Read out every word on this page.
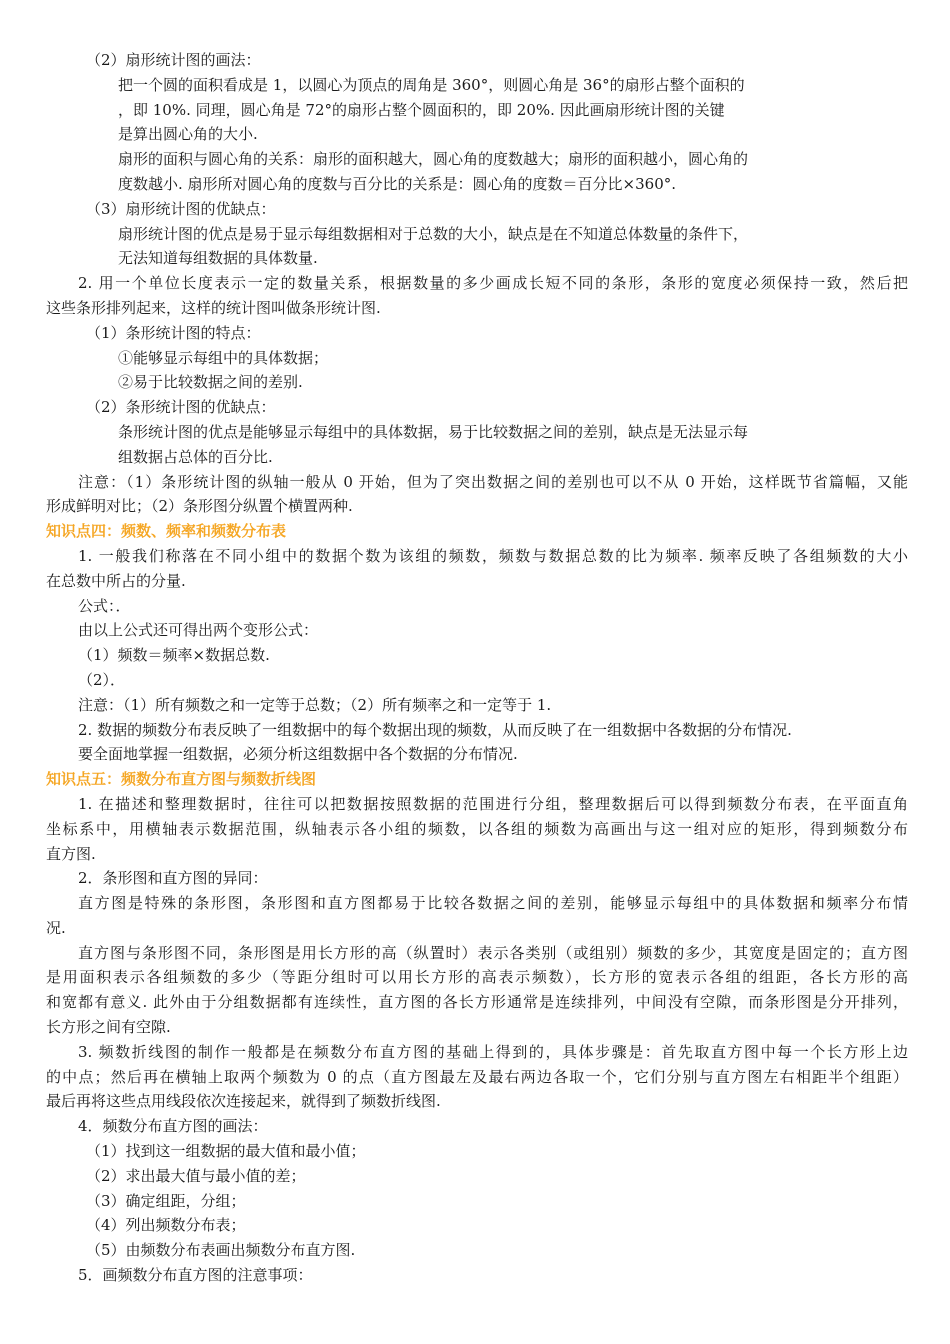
（2）扇形统计图的画法：
把一个圆的面积看成是 1，以圆心为顶点的周角是 360°，则圆心角是 36°的扇形占整个面积的
，即 10%. 同理，圆心角是 72°的扇形占整个圆面积的，即 20%. 因此画扇形统计图的关键
是算出圆心角的大小.
扇形的面积与圆心角的关系：扇形的面积越大，圆心角的度数越大；扇形的面积越小，圆心角的
度数越小. 扇形所对圆心角的度数与百分比的关系是：圆心角的度数＝百分比×360°.
（3）扇形统计图的优缺点：
扇形统计图的优点是易于显示每组数据相对于总数的大小，缺点是在不知道总体数量的条件下，
无法知道每组数据的具体数量.
2. 用一个单位长度表示一定的数量关系，根据数量的多少画成长短不同的条形，条形的宽度必须保持一致，然后把
这些条形排列起来，这样的统计图叫做条形统计图.
（1）条形统计图的特点：
①能够显示每组中的具体数据；
②易于比较数据之间的差别.
（2）条形统计图的优缺点：
条形统计图的优点是能够显示每组中的具体数据，易于比较数据之间的差别，缺点是无法显示每
组数据占总体的百分比.
注意：（1）条形统计图的纵轴一般从 0 开始，但为了突出数据之间的差别也可以不从 0 开始，这样既节省篇幅，又能
形成鲜明对比；（2）条形图分纵置个横置两种.
知识点四：频数、频率和频数分布表
1. 一般我们称落在不同小组中的数据个数为该组的频数，频数与数据总数的比为频率. 频率反映了各组频数的大小
在总数中所占的分量.
公式：．
由以上公式还可得出两个变形公式：
（1）频数＝频率×数据总数.
（2）．
注意：（1）所有频数之和一定等于总数；（2）所有频率之和一定等于 1.
2. 数据的频数分布表反映了一组数据中的每个数据出现的频数，从而反映了在一组数据中各数据的分布情况.
要全面地掌握一组数据，必须分析这组数据中各个数据的分布情况.
知识点五：频数分布直方图与频数折线图
1. 在描述和整理数据时，往往可以把数据按照数据的范围进行分组，整理数据后可以得到频数分布表，在平面直角
坐标系中，用横轴表示数据范围，纵轴表示各小组的频数，以各组的频数为高画出与这一组对应的矩形，得到频数分布
直方图.
2．条形图和直方图的异同：
直方图是特殊的条形图，条形图和直方图都易于比较各数据之间的差别，能够显示每组中的具体数据和频率分布情
况.
直方图与条形图不同，条形图是用长方形的高（纵置时）表示各类别（或组别）频数的多少，其宽度是固定的；直方图
是用面积表示各组频数的多少（等距分组时可以用长方形的高表示频数），长方形的宽表示各组的组距，各长方形的高
和宽都有意义. 此外由于分组数据都有连续性，直方图的各长方形通常是连续排列，中间没有空隙，而条形图是分开排列，
长方形之间有空隙.
3. 频数折线图的制作一般都是在频数分布直方图的基础上得到的，具体步骤是：首先取直方图中每一个长方形上边
的中点；然后再在横轴上取两个频数为 0 的点（直方图最左及最右两边各取一个，它们分别与直方图左右相距半个组距）
最后再将这些点用线段依次连接起来，就得到了频数折线图.
4．频数分布直方图的画法：
（1）找到这一组数据的最大值和最小值；
（2）求出最大值与最小值的差；
（3）确定组距，分组；
（4）列出频数分布表；
（5）由频数分布表画出频数分布直方图.
5．画频数分布直方图的注意事项：
